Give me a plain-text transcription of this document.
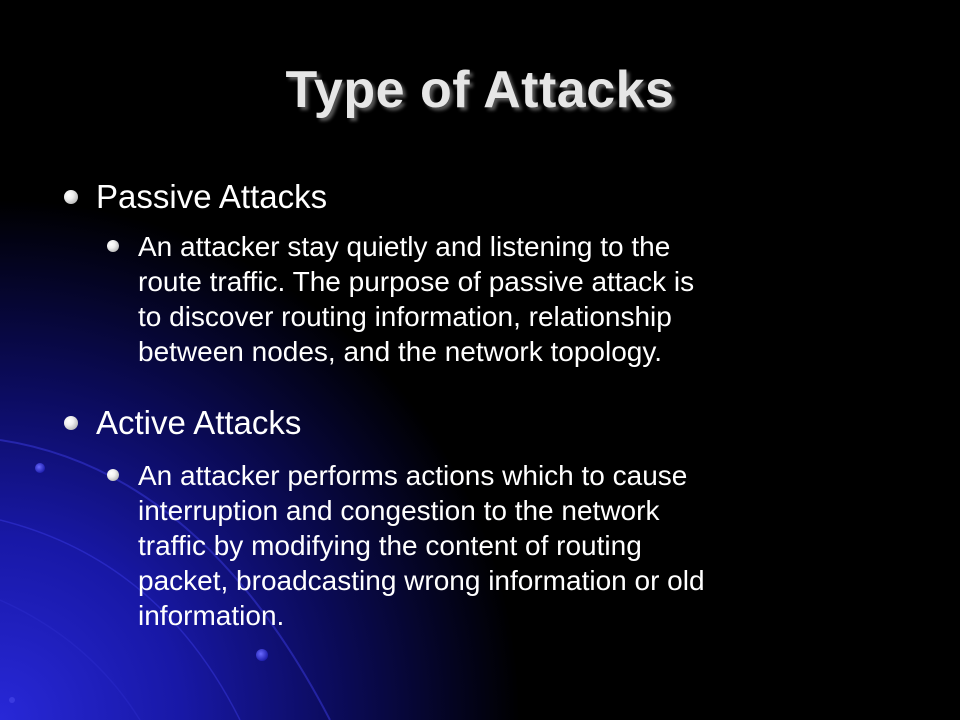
Type of Attacks
Passive Attacks
An attacker stay quietly and listening to the
route traffic. The purpose of passive attack is
to discover routing information, relationship
between nodes, and the network topology.
Active Attacks
An attacker performs actions which to cause
interruption and congestion to the network
traffic by modifying the content of routing
packet, broadcasting wrong information or old
information.
